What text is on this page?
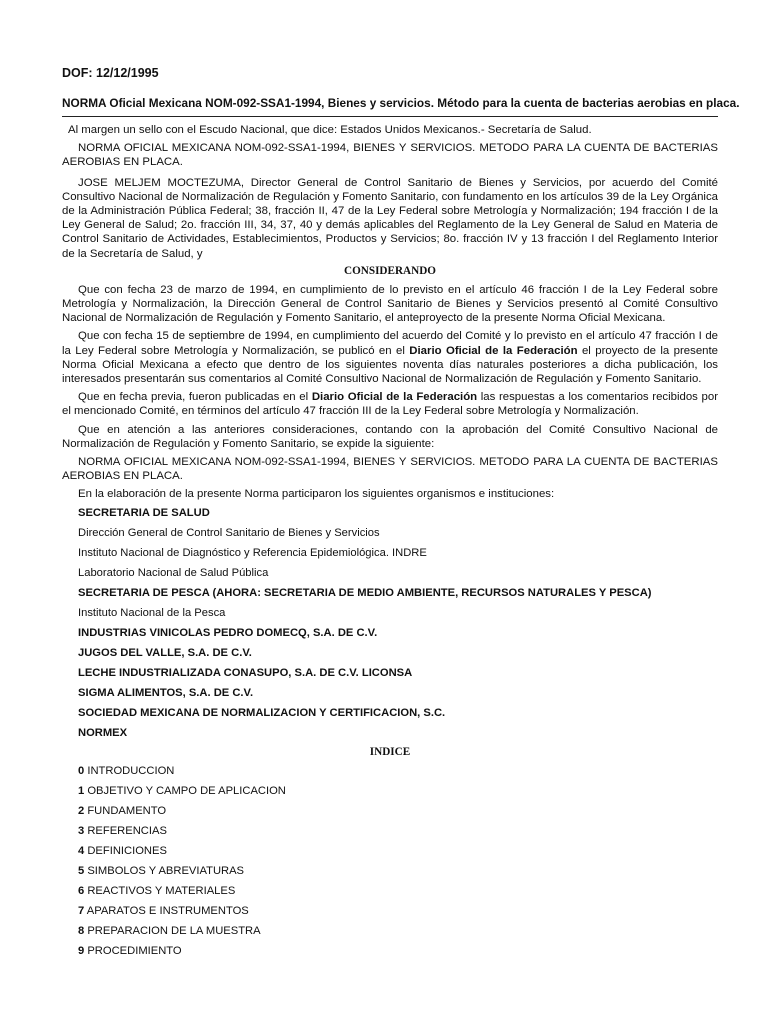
DOF: 12/12/1995
NORMA Oficial Mexicana NOM-092-SSA1-1994, Bienes y servicios. Método para la cuenta de bacterias aerobias en placa.

Al margen un sello con el Escudo Nacional, que dice: Estados Unidos Mexicanos.- Secretaría de Salud.

NORMA OFICIAL MEXICANA NOM-092-SSA1-1994, BIENES Y SERVICIOS. METODO PARA LA CUENTA DE BACTERIAS AEROBIAS EN PLACA.

JOSE MELJEM MOCTEZUMA, Director General de Control Sanitario de Bienes y Servicios, por acuerdo del Comité Consultivo Nacional de Normalización de Regulación y Fomento Sanitario, con fundamento en los artículos 39 de la Ley Orgánica de la Administración Pública Federal; 38, fracción II, 47 de la Ley Federal sobre Metrología y Normalización; 194 fracción I de la Ley General de Salud; 2o. fracción III, 34, 37, 40 y demás aplicables del Reglamento de la Ley General de Salud en Materia de Control Sanitario de Actividades, Establecimientos, Productos y Servicios; 8o. fracción IV y 13 fracción I del Reglamento Interior de la Secretaría de Salud, y

CONSIDERANDO

Que con fecha 23 de marzo de 1994, en cumplimiento de lo previsto en el artículo 46 fracción I de la Ley Federal sobre Metrología y Normalización, la Dirección General de Control Sanitario de Bienes y Servicios presentó al Comité Consultivo Nacional de Normalización de Regulación y Fomento Sanitario, el anteproyecto de la presente Norma Oficial Mexicana.

Que con fecha 15 de septiembre de 1994, en cumplimiento del acuerdo del Comité y lo previsto en el artículo 47 fracción I de la Ley Federal sobre Metrología y Normalización, se publicó en el Diario Oficial de la Federación el proyecto de la presente Norma Oficial Mexicana a efecto que dentro de los siguientes noventa días naturales posteriores a dicha publicación, los interesados presentarán sus comentarios al Comité Consultivo Nacional de Normalización de Regulación y Fomento Sanitario.

Que en fecha previa, fueron publicadas en el Diario Oficial de la Federación las respuestas a los comentarios recibidos por el mencionado Comité, en términos del artículo 47 fracción III de la Ley Federal sobre Metrología y Normalización.

Que en atención a las anteriores consideraciones, contando con la aprobación del Comité Consultivo Nacional de Normalización de Regulación y Fomento Sanitario, se expide la siguiente:

NORMA OFICIAL MEXICANA NOM-092-SSA1-1994, BIENES Y SERVICIOS. METODO PARA LA CUENTA DE BACTERIAS AEROBIAS EN PLACA.

En la elaboración de la presente Norma participaron los siguientes organismos e instituciones:

SECRETARIA DE SALUD
Dirección General de Control Sanitario de Bienes y Servicios
Instituto Nacional de Diagnóstico y Referencia Epidemiológica. INDRE
Laboratorio Nacional de Salud Pública
SECRETARIA DE PESCA (AHORA: SECRETARIA DE MEDIO AMBIENTE, RECURSOS NATURALES Y PESCA)
Instituto Nacional de la Pesca
INDUSTRIAS VINICOLAS PEDRO DOMECQ, S.A. DE C.V.
JUGOS DEL VALLE, S.A. DE C.V.
LECHE INDUSTRIALIZADA CONASUPO, S.A. DE C.V. LICONSA
SIGMA ALIMENTOS, S.A. DE C.V.
SOCIEDAD MEXICANA DE NORMALIZACION Y CERTIFICACION, S.C.
NORMEX
INDICE
0 INTRODUCCION
1 OBJETIVO Y CAMPO DE APLICACION
2 FUNDAMENTO
3 REFERENCIAS
4 DEFINICIONES
5 SIMBOLOS Y ABREVIATURAS
6 REACTIVOS Y MATERIALES
7 APARATOS E INSTRUMENTOS
8 PREPARACION DE LA MUESTRA
9 PROCEDIMIENTO
